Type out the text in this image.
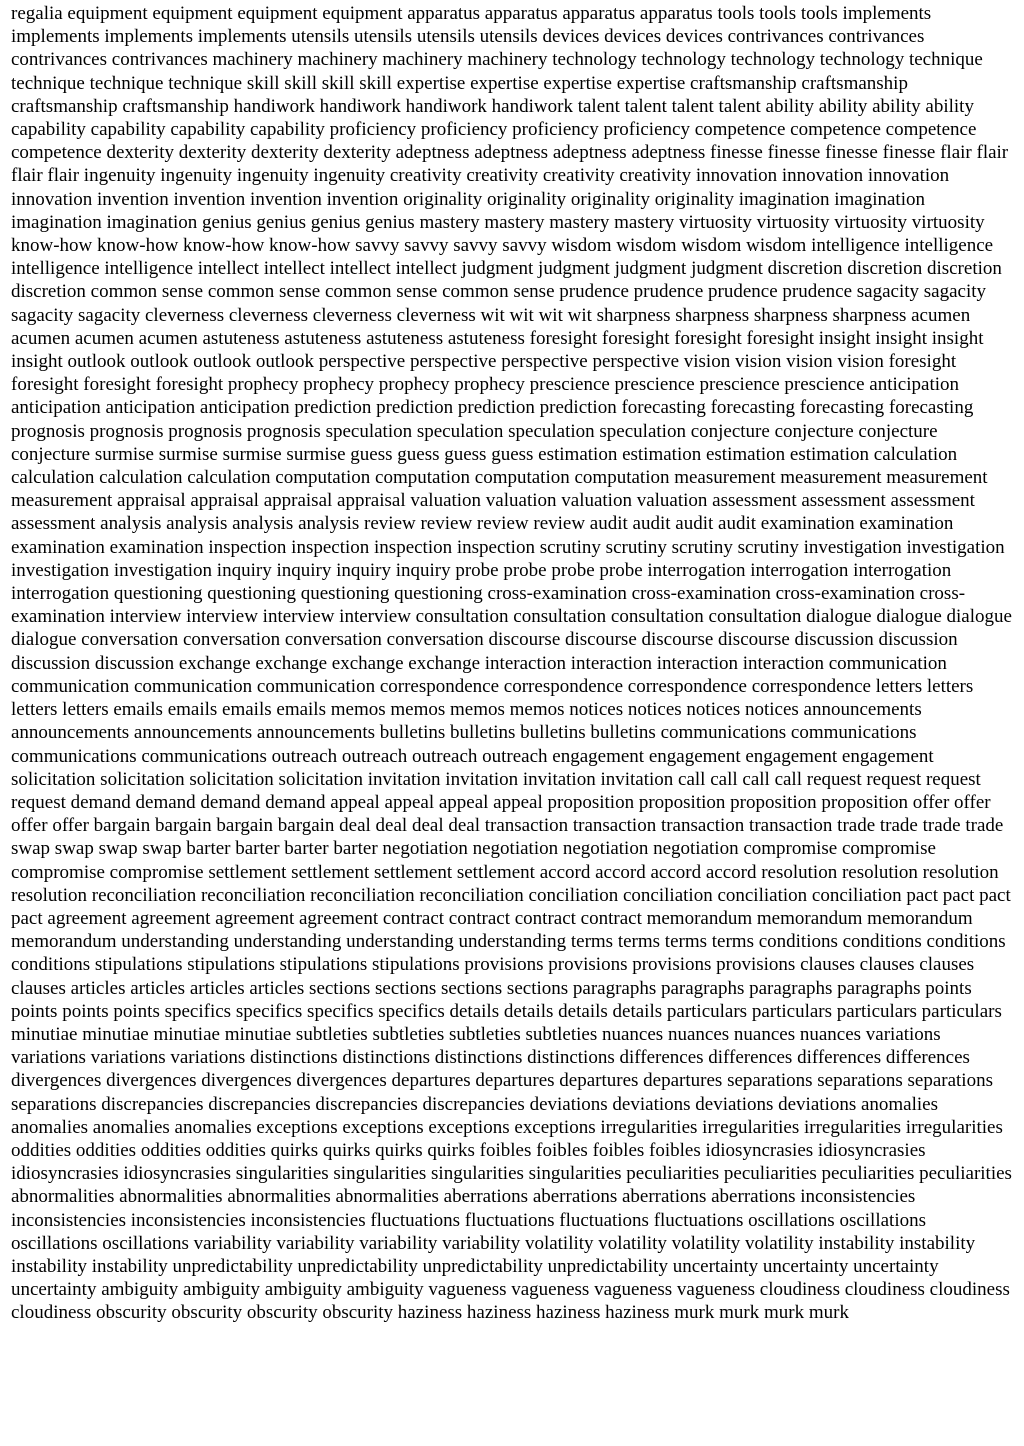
regalia equipment equipment equipment equipment apparatus apparatus apparatus apparatus tools tools tools implements implements implements implements utensils utensils utensils utensils devices devices devices contrivances contrivances contrivances contrivances machinery machinery machinery machinery technology technology technology technology technique technique technique technique skill skill skill skill expertise expertise expertise expertise craftsmanship craftsmanship craftsmanship craftsmanship handiwork handiwork handiwork handiwork talent talent talent talent ability ability ability ability capability capability capability capability proficiency proficiency proficiency proficiency competence competence competence competence dexterity dexterity dexterity dexterity adeptness adeptness adeptness adeptness finesse finesse finesse finesse flair flair flair flair ingenuity ingenuity ingenuity ingenuity creativity creativity creativity creativity innovation innovation innovation innovation invention invention invention invention originality originality originality originality imagination imagination imagination imagination genius genius genius genius mastery mastery mastery mastery virtuosity virtuosity virtuosity virtuosity know-how know-how know-how know-how savvy savvy savvy savvy wisdom wisdom wisdom wisdom intelligence intelligence intelligence intelligence intellect intellect intellect intellect judgment judgment judgment judgment discretion discretion discretion discretion common sense common sense common sense common sense prudence prudence prudence prudence sagacity sagacity sagacity sagacity cleverness cleverness cleverness cleverness wit wit wit wit sharpness sharpness sharpness sharpness acumen acumen acumen acumen astuteness astuteness astuteness astuteness foresight foresight foresight foresight insight insight insight insight outlook outlook outlook outlook perspective perspective perspective perspective vision vision vision vision foresight foresight foresight foresight prophecy prophecy prophecy prophecy prescience prescience prescience prescience anticipation anticipation anticipation anticipation prediction prediction prediction prediction forecasting forecasting forecasting forecasting prognosis prognosis prognosis prognosis speculation speculation speculation speculation conjecture conjecture conjecture conjecture surmise surmise surmise surmise guess guess guess guess estimation estimation estimation estimation calculation calculation calculation calculation computation computation computation computation measurement measurement measurement measurement appraisal appraisal appraisal appraisal valuation valuation valuation valuation assessment assessment assessment assessment analysis analysis analysis analysis review review review review audit audit audit audit examination examination examination examination inspection inspection inspection inspection scrutiny scrutiny scrutiny scrutiny investigation investigation investigation investigation inquiry inquiry inquiry inquiry probe probe probe probe interrogation interrogation interrogation interrogation questioning questioning questioning questioning cross-examination cross-examination cross-examination cross-examination interview interview interview interview consultation consultation consultation consultation dialogue dialogue dialogue dialogue conversation conversation conversation conversation discourse discourse discourse discourse discussion discussion discussion discussion exchange exchange exchange exchange interaction interaction interaction interaction communication communication communication communication correspondence correspondence correspondence correspondence letters letters letters letters emails emails emails emails memos memos memos memos notices notices notices notices announcements announcements announcements announcements bulletins bulletins bulletins bulletins communications communications communications communications outreach outreach outreach outreach engagement engagement engagement engagement solicitation solicitation solicitation solicitation invitation invitation invitation invitation call call call call request request request request demand demand demand demand appeal appeal appeal appeal proposition proposition proposition proposition offer offer offer offer bargain bargain bargain bargain deal deal deal deal transaction transaction transaction transaction trade trade trade trade swap swap swap swap barter barter barter barter negotiation negotiation negotiation negotiation compromise compromise compromise compromise settlement settlement settlement settlement accord accord accord accord resolution resolution resolution resolution reconciliation reconciliation reconciliation reconciliation conciliation conciliation conciliation conciliation pact pact pact pact agreement agreement agreement agreement contract contract contract contract memorandum memorandum memorandum memorandum understanding understanding understanding understanding terms terms terms terms conditions conditions conditions conditions stipulations stipulations stipulations stipulations provisions provisions provisions provisions clauses clauses clauses clauses articles articles articles articles sections sections sections sections paragraphs paragraphs paragraphs paragraphs points points points points specifics specifics specifics specifics details details details details particulars particulars particulars particulars minutiae minutiae minutiae minutiae subtleties subtleties subtleties subtleties nuances nuances nuances nuances variations variations variations variations distinctions distinctions distinctions distinctions differences differences differences differences divergences divergences divergences divergences departures departures departures departures separations separations separations separations discrepancies discrepancies discrepancies discrepancies deviations deviations deviations deviations anomalies anomalies anomalies anomalies exceptions exceptions exceptions exceptions irregularities irregularities irregularities irregularities oddities oddities oddities oddities quirks quirks quirks quirks foibles foibles foibles foibles idiosyncrasies idiosyncrasies idiosyncrasies idiosyncrasies singularities singularities singularities singularities peculiarities peculiarities peculiarities peculiarities abnormalities abnormalities abnormalities abnormalities aberrations aberrations aberrations aberrations inconsistencies inconsistencies inconsistencies inconsistencies fluctuations fluctuations fluctuations fluctuations oscillations oscillations oscillations oscillations variability variability variability variability volatility volatility volatility volatility instability instability instability instability unpredictability unpredictability unpredictability unpredictability uncertainty uncertainty uncertainty uncertainty ambiguity ambiguity ambiguity ambiguity vagueness vagueness vagueness vagueness cloudiness cloudiness cloudiness cloudiness obscurity obscurity obscurity obscurity haziness haziness haziness haziness murk murk murk murk
